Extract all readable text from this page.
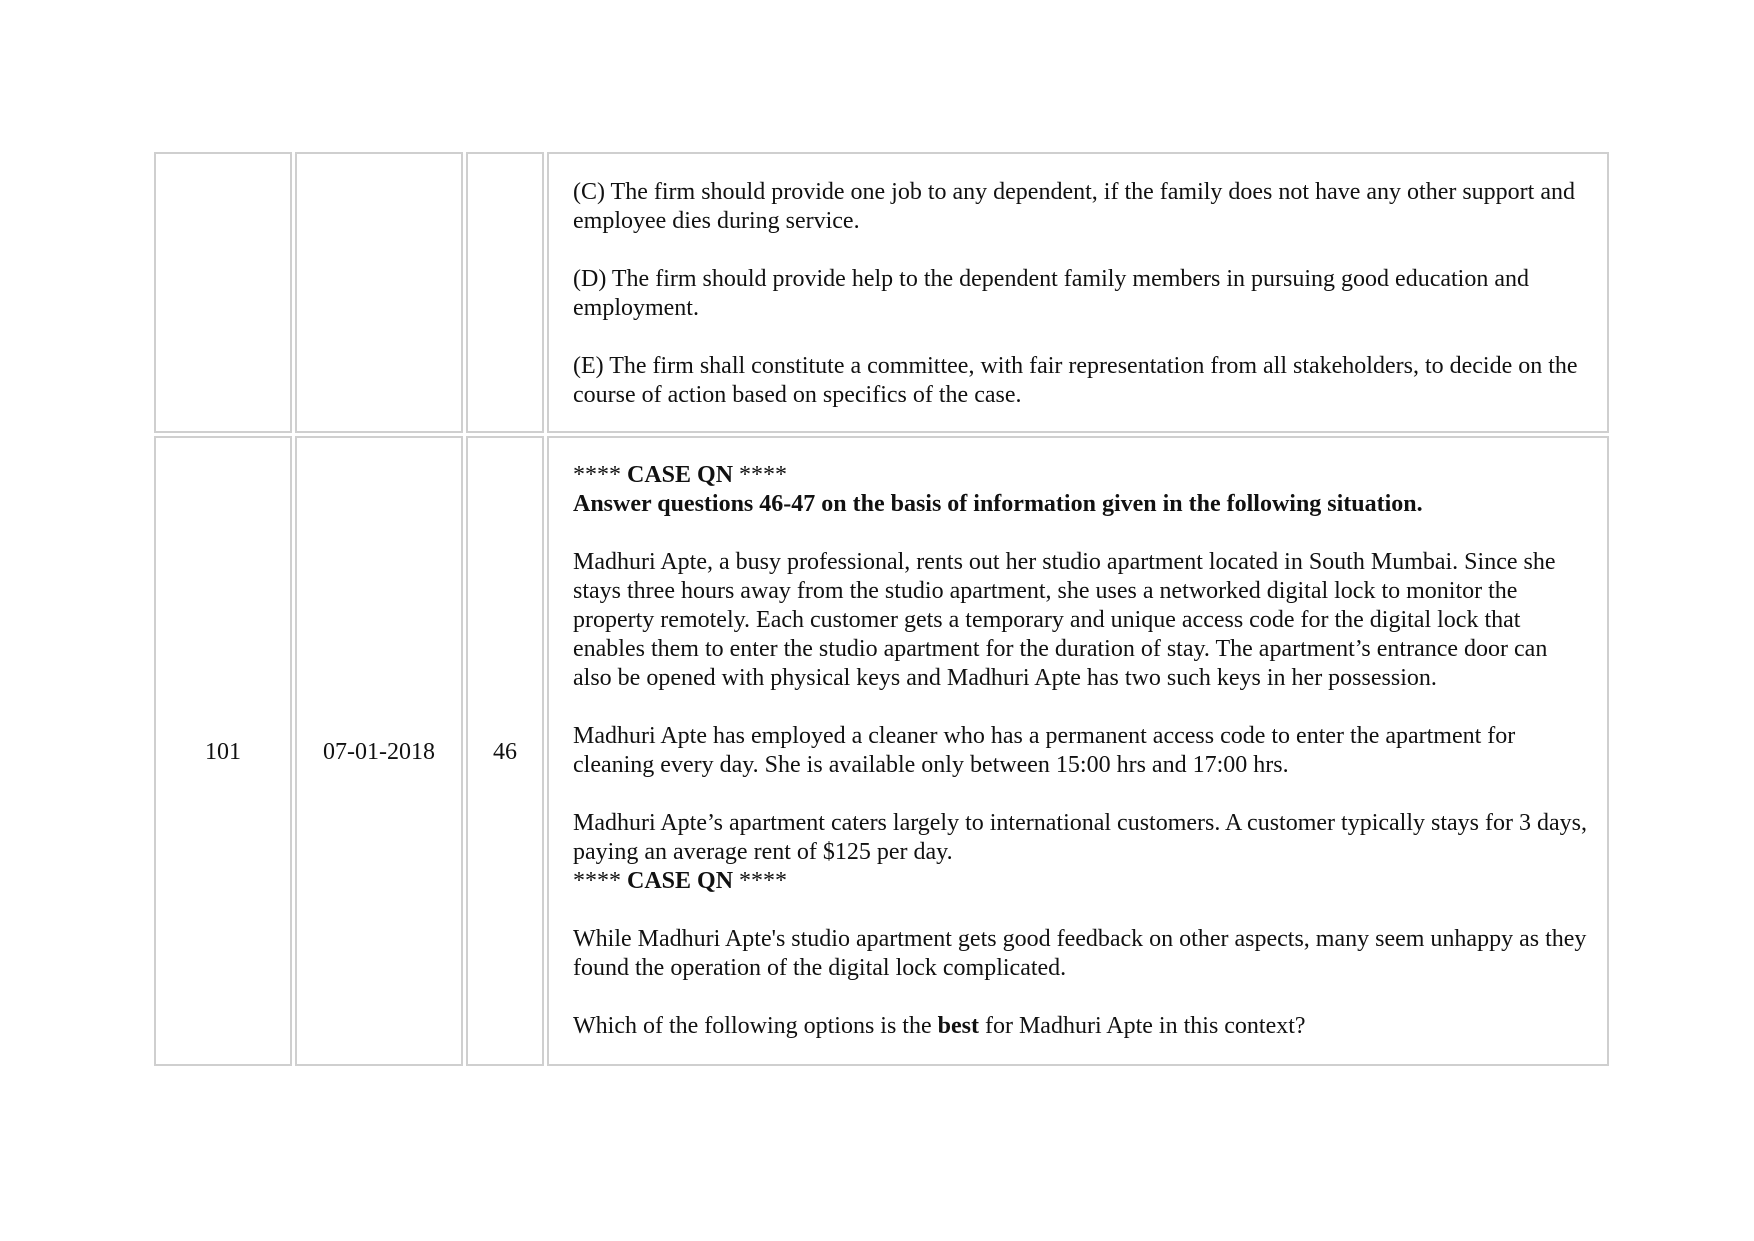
(C) The firm should provide one job to any dependent, if the family does not have any other support and employee dies during service.

(D) The firm should provide help to the dependent family members in pursuing good education and employment.

(E) The firm shall constitute a committee, with fair representation from all stakeholders, to decide on the course of action based on specifics of the case.

101	07-01-2018	46

**** CASE QN ****

Answer questions 46-47 on the basis of information given in the following situation.

Madhuri Apte, a busy professional, rents out her studio apartment located in South Mumbai. Since she stays three hours away from the studio apartment, she uses a networked digital lock to monitor the property remotely. Each customer gets a temporary and unique access code for the digital lock that enables them to enter the studio apartment for the duration of stay. The apartment’s entrance door can also be opened with physical keys and Madhuri Apte has two such keys in her possession.

Madhuri Apte has employed a cleaner who has a permanent access code to enter the apartment for cleaning every day. She is available only between 15:00 hrs and 17:00 hrs.

Madhuri Apte’s apartment caters largely to international customers. A customer typically stays for 3 days, paying an average rent of $125 per day.

**** CASE QN ****

While Madhuri Apte's studio apartment gets good feedback on other aspects, many seem unhappy as they found the operation of the digital lock complicated.

Which of the following options is the best for Madhuri Apte in this context?
